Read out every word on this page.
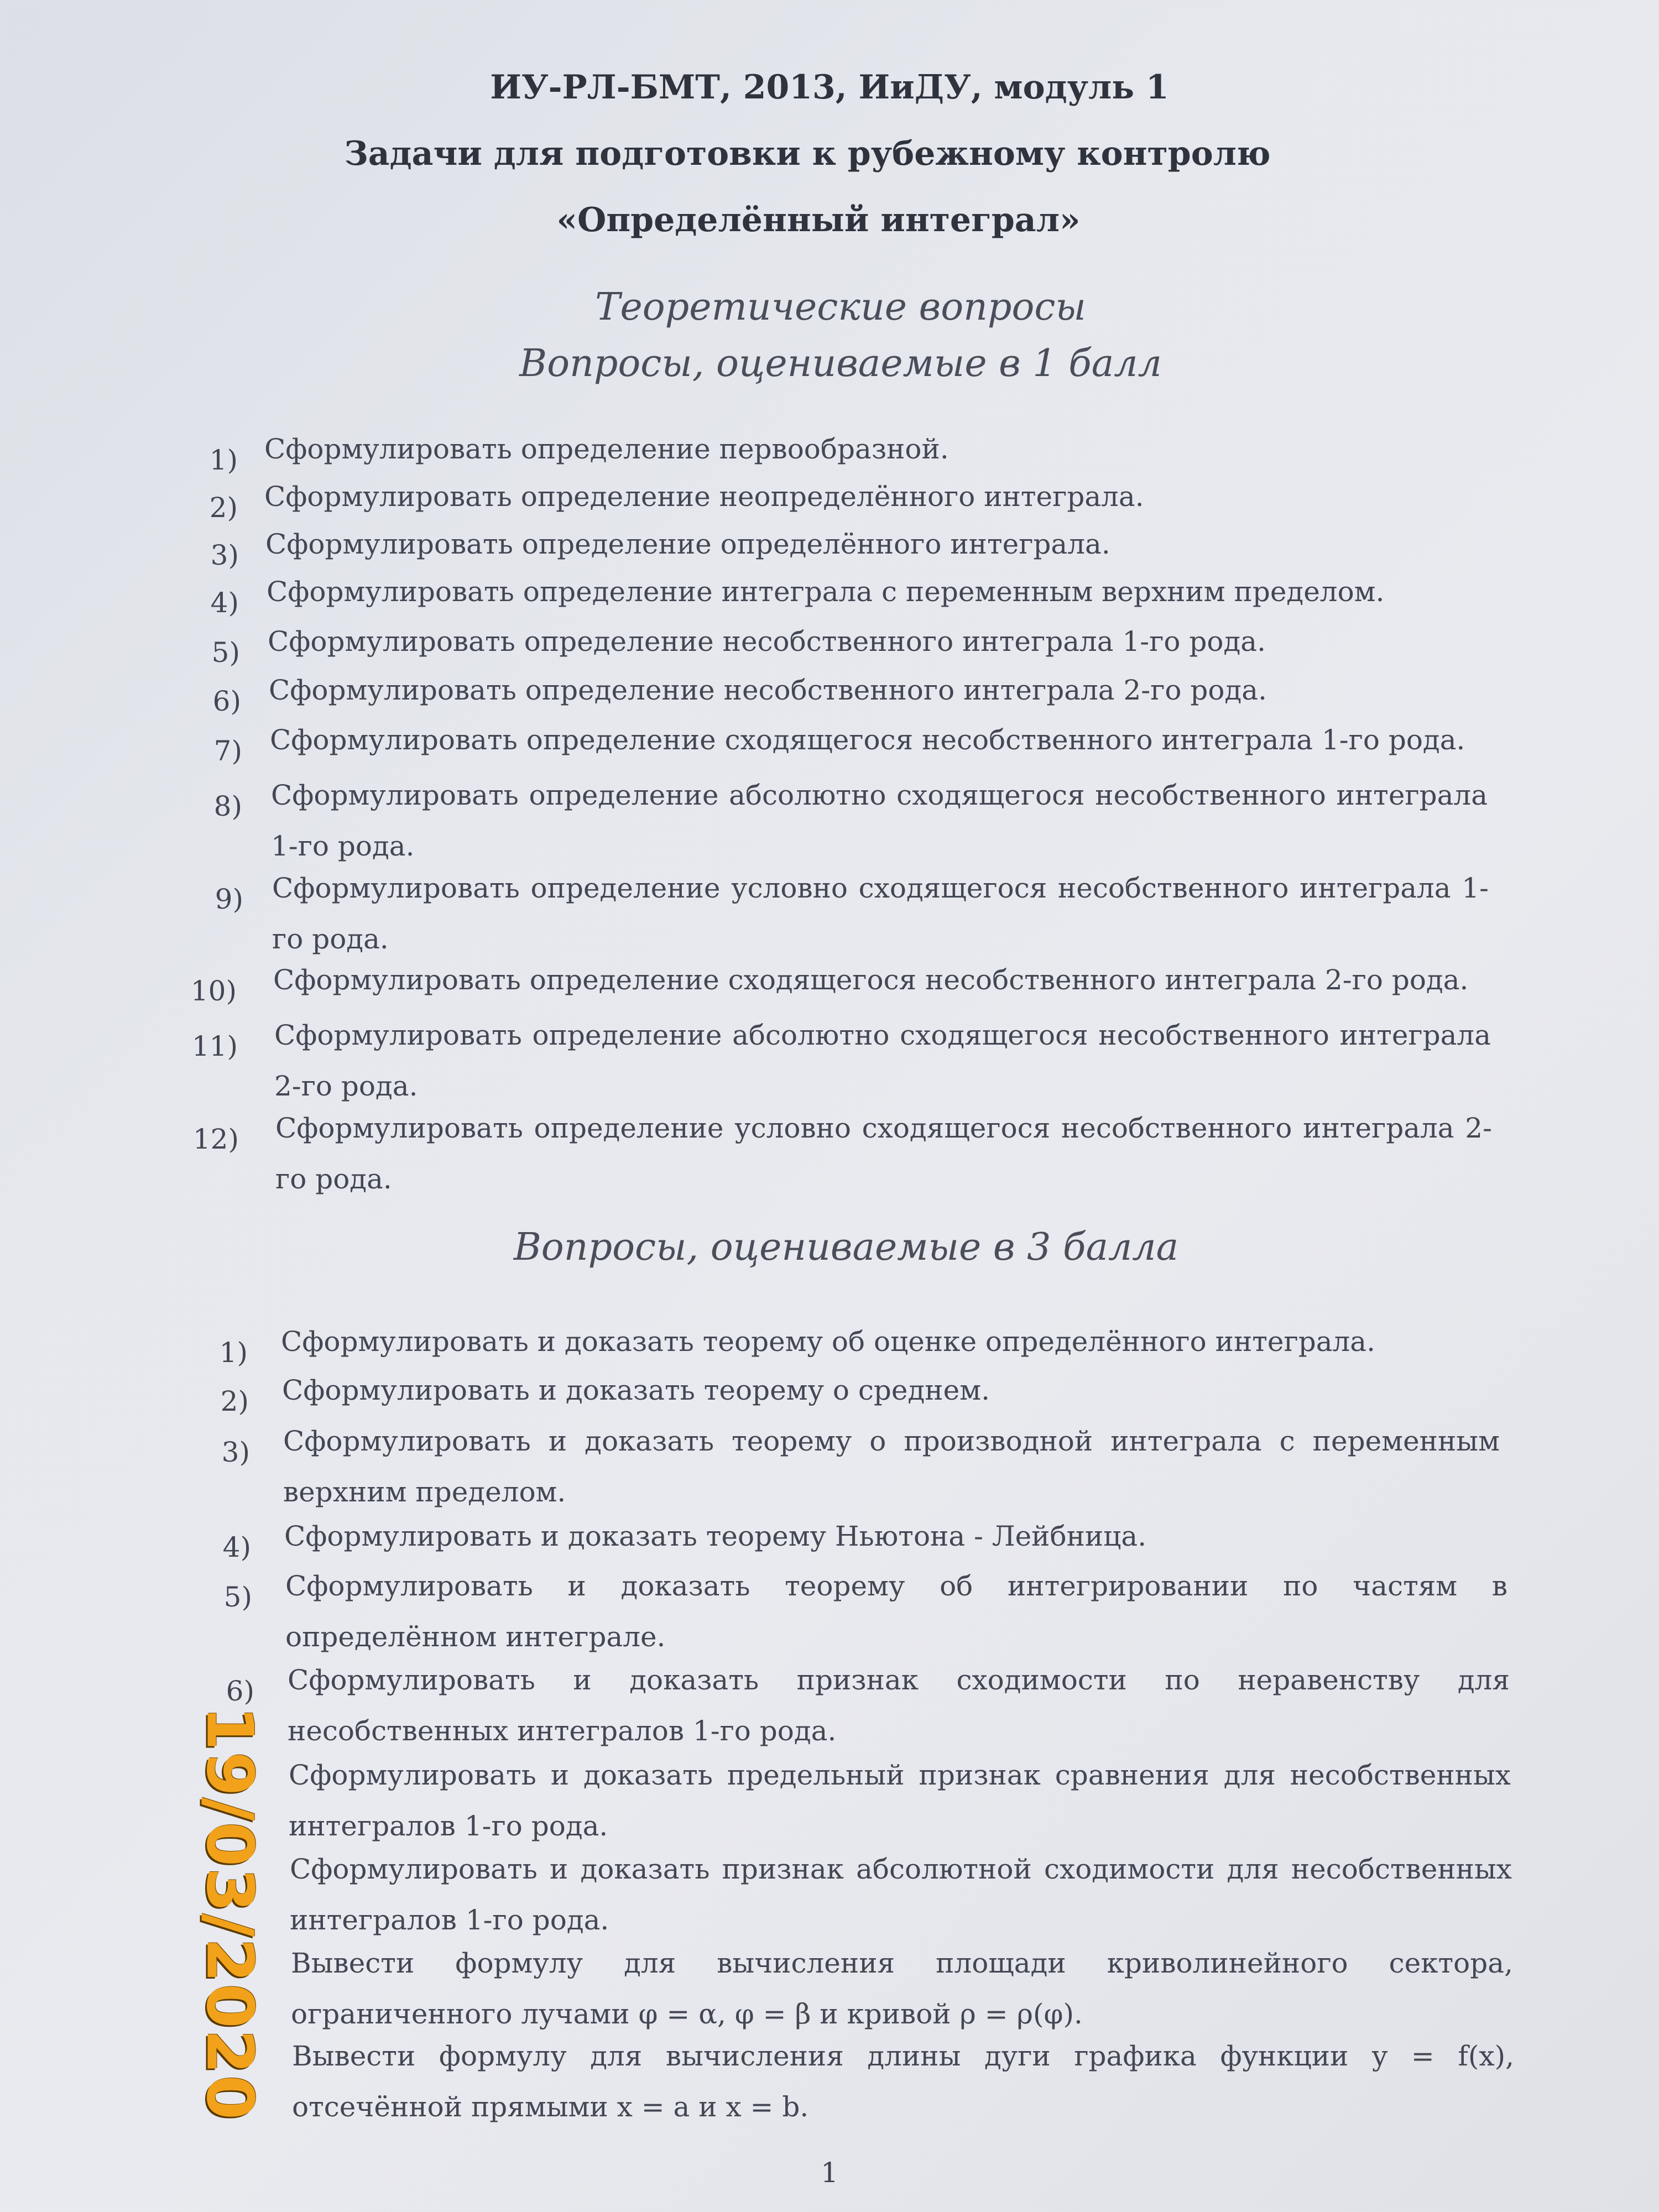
ИУ-РЛ-БМТ, 2013, ИиДУ, модуль 1
Задачи для подготовки к рубежному контролю
«Определённый интеграл»
Теоретические вопросы
Вопросы, оцениваемые в 1 балл
1) Сформулировать определение первообразной.
2) Сформулировать определение неопределённого интеграла.
3) Сформулировать определение определённого интеграла.
4) Сформулировать определение интеграла с переменным верхним пределом.
5) Сформулировать определение несобственного интеграла 1-го рода.
6) Сформулировать определение несобственного интеграла 2-го рода.
7) Сформулировать определение сходящегося несобственного интеграла 1-го рода.
8) Сформулировать определение абсолютно сходящегося несобственного интеграла 1-го рода.
9) Сформулировать определение условно сходящегося несобственного интеграла 1-го рода.
10) Сформулировать определение сходящегося несобственного интеграла 2-го рода.
11) Сформулировать определение абсолютно сходящегося несобственного интеграла 2-го рода.
12) Сформулировать определение условно сходящегося несобственного интеграла 2-го рода.
Вопросы, оцениваемые в 3 балла
1) Сформулировать и доказать теорему об оценке определённого интеграла.
2) Сформулировать и доказать теорему о среднем.
3) Сформулировать и доказать теорему о производной интеграла с переменным верхним пределом.
4) Сформулировать и доказать теорему Ньютона - Лейбница.
5) Сформулировать и доказать теорему об интегрировании по частям в определённом интеграле.
6) Сформулировать и доказать признак сходимости по неравенству для несобственных интегралов 1-го рода.
Сформулировать и доказать предельный признак сравнения для несобственных интегралов 1-го рода.
Сформулировать и доказать признак абсолютной сходимости для несобственных интегралов 1-го рода.
Вывести формулу для вычисления площади криволинейного сектора, ограниченного лучами φ = α, φ = β и кривой ρ = ρ(φ).
Вывести формулу для вычисления длины дуги графика функции y = f(x), отсечённой прямыми x = a и x = b.
1
19/03/2020
